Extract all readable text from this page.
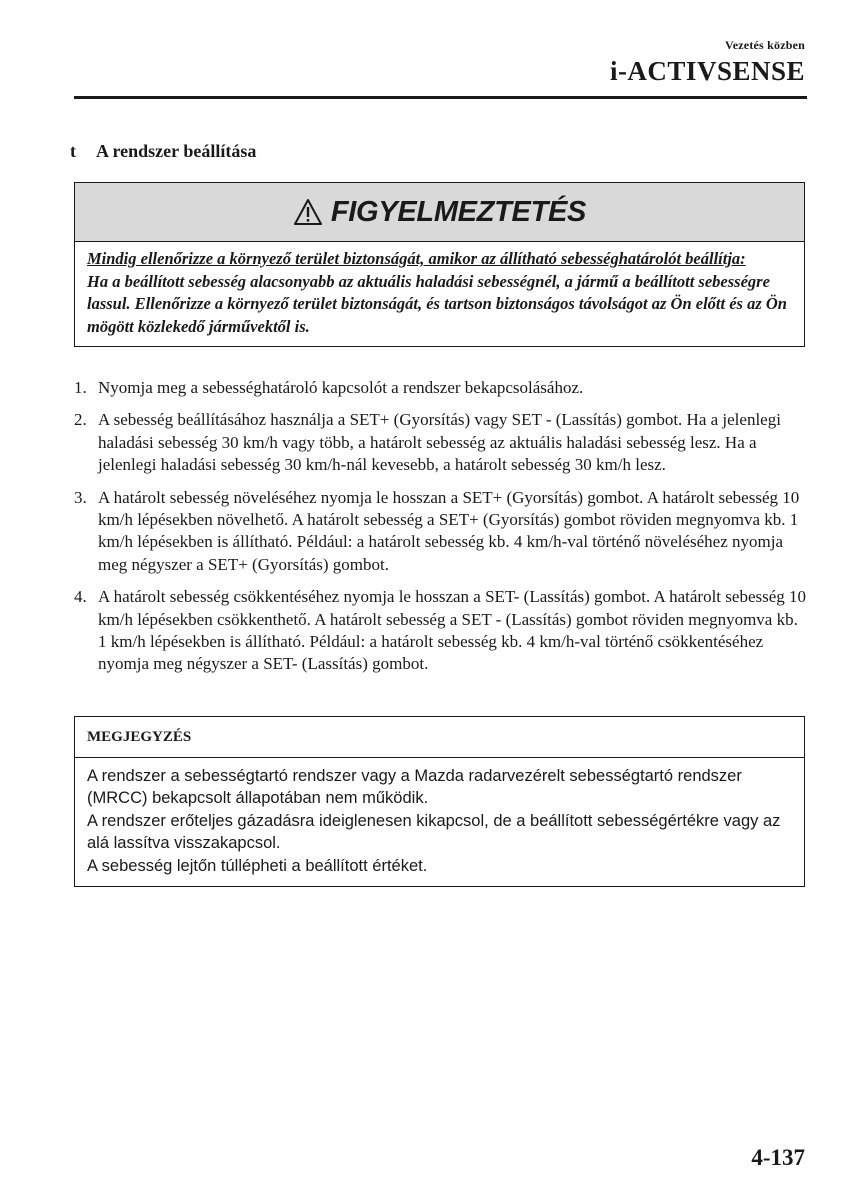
Vezetés közben
i-ACTIVSENSE
t A rendszer beállítása
FIGYELMEZTETÉS
Mindig ellenőrizze a környező terület biztonságát, amikor az állítható sebességhatárolót beállítja:
Ha a beállított sebesség alacsonyabb az aktuális haladási sebességnél, a jármű a beállított sebességre lassul. Ellenőrizze a környező terület biztonságát, és tartson biztonságos távolságot az Ön előtt és az Ön mögött közlekedő járművektől is.
1. Nyomja meg a sebességhatároló kapcsolót a rendszer bekapcsolásához.
2. A sebesség beállításához használja a SET+ (Gyorsítás) vagy SET - (Lassítás) gombot. Ha a jelenlegi haladási sebesség 30 km/h vagy több, a határolt sebesség az aktuális haladási sebesség lesz. Ha a jelenlegi haladási sebesség 30 km/h-nál kevesebb, a határolt sebesség 30 km/h lesz.
3. A határolt sebesség növeléséhez nyomja le hosszan a SET+ (Gyorsítás) gombot. A határolt sebesség 10 km/h lépésekben növelhető. A határolt sebesség a SET+ (Gyorsítás) gombot röviden megnyomva kb. 1 km/h lépésekben is állítható. Például: a határolt sebesség kb. 4 km/h-val történő növeléséhez nyomja meg négyszer a SET+ (Gyorsítás) gombot.
4. A határolt sebesség csökkentéséhez nyomja le hosszan a SET- (Lassítás) gombot. A határolt sebesség 10 km/h lépésekben csökkenthető. A határolt sebesség a SET - (Lassítás) gombot röviden megnyomva kb. 1 km/h lépésekben is állítható. Például: a határolt sebesség kb. 4 km/h-val történő csökkentéséhez nyomja meg négyszer a SET- (Lassítás) gombot.
MEGJEGYZÉS
A rendszer a sebességtartó rendszer vagy a Mazda radarvezérelt sebességtartó rendszer (MRCC) bekapcsolt állapotában nem működik.
A rendszer erőteljes gázadásra ideiglenesen kikapcsol, de a beállított sebességértékre vagy az alá lassítva visszakapcsol.
A sebesség lejtőn túllépheti a beállított értéket.
4-137
